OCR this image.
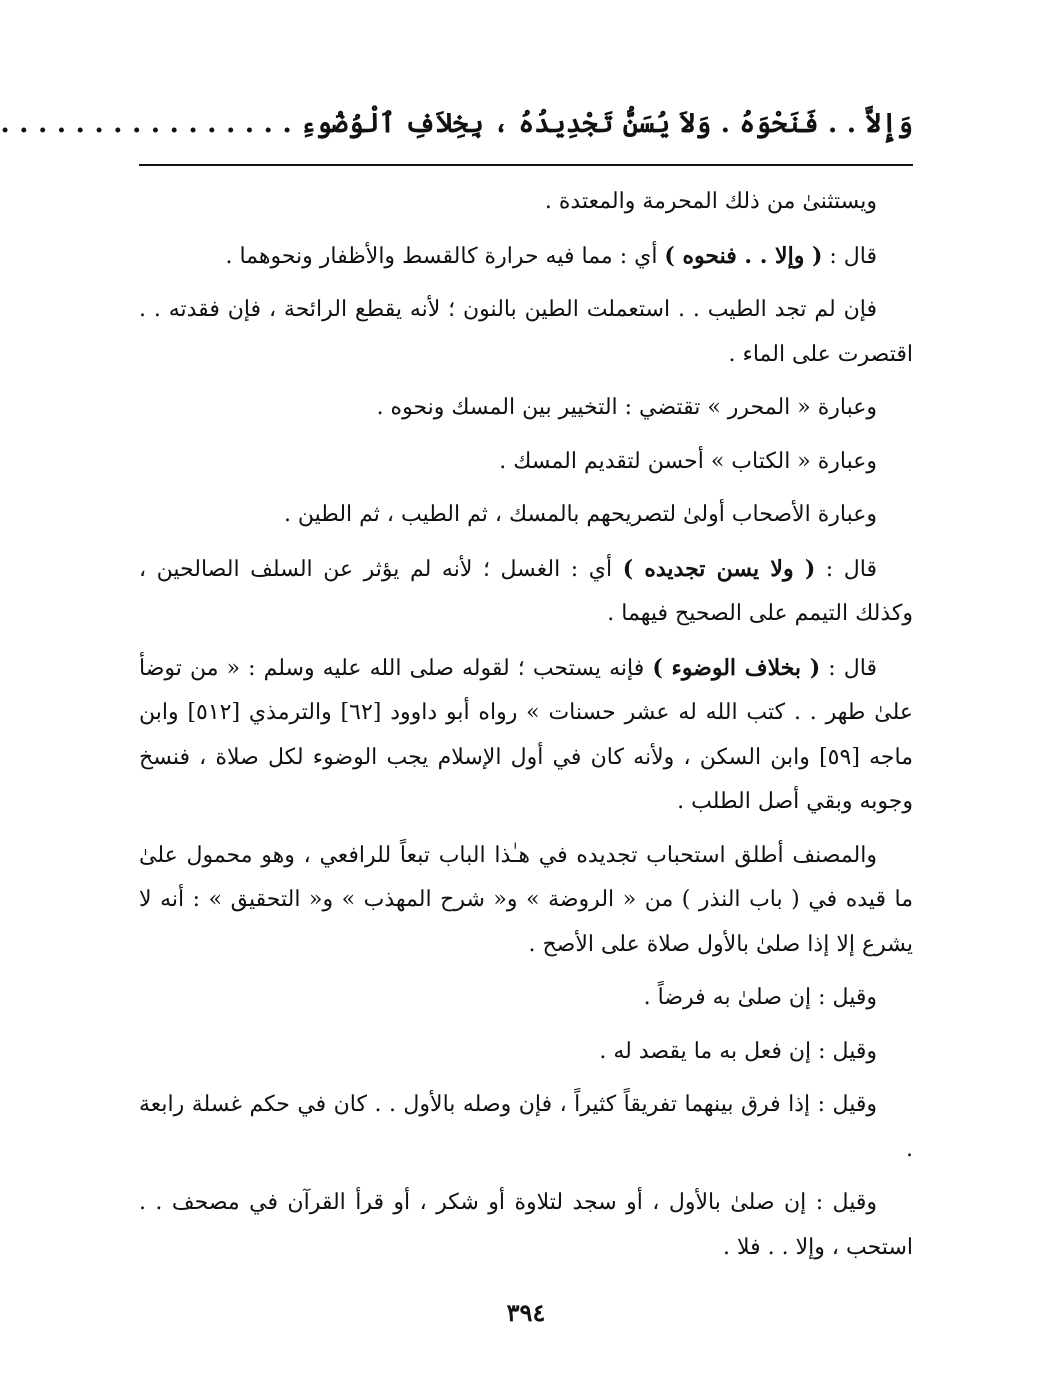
وَإِلاَّ . . فَنَحْوَهُ . وَلاَ يُسَنُّ تَجْدِيدُهُ ، بِخِلاَفِ ٱلْوُضُوءِ . . . . . . . . . . . . . . . .

ويستثنىٰ من ذلك المحرمة والمعتدة .

قال : ( وإلا . . فنحوه ) أي : مما فيه حرارة كالقسط والأظفار ونحوهما .

فإن لم تجد الطيب . . استعملت الطين بالنون ؛ لأنه يقطع الرائحة ، فإن فقدته . . اقتصرت على الماء .

وعبارة « المحرر » تقتضي : التخيير بين المسك ونحوه .

وعبارة « الكتاب » أحسن لتقديم المسك .

وعبارة الأصحاب أولىٰ لتصريحهم بالمسك ، ثم الطيب ، ثم الطين .

قال : ( ولا يسن تجديده ) أي : الغسل ؛ لأنه لم يؤثر عن السلف الصالحين ، وكذلك التيمم على الصحيح فيهما .

قال : ( بخلاف الوضوء ) فإنه يستحب ؛ لقوله صلى الله عليه وسلم : « من توضأ علىٰ طهر . . كتب الله له عشر حسنات » رواه أبو داوود [٦٢] والترمذي [٥١٢] وابن ماجه [٥٩] وابن السكن ، ولأنه كان في أول الإسلام يجب الوضوء لكل صلاة ، فنسخ وجوبه وبقي أصل الطلب .

والمصنف أطلق استحباب تجديده في هـٰذا الباب تبعاً للرافعي ، وهو محمول علىٰ ما قيده في ( باب النذر ) من « الروضة » و« شرح المهذب » و« التحقيق » : أنه لا يشرع إلا إذا صلىٰ بالأول صلاة على الأصح .

وقيل : إن صلىٰ به فرضاً .

وقيل : إن فعل به ما يقصد له .

وقيل : إذا فرق بينهما تفريقاً كثيراً ، فإن وصله بالأول . . كان في حكم غسلة رابعة .

وقيل : إن صلىٰ بالأول ، أو سجد لتلاوة أو شكر ، أو قرأ القرآن في مصحف . . استحب ، وإلا . . فلا .

٣٩٤
